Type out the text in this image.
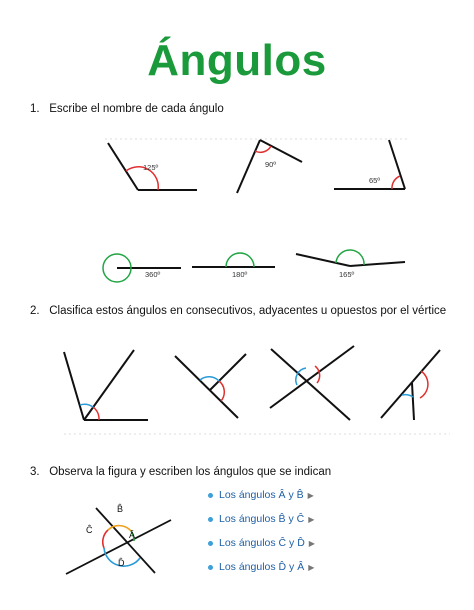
Ángulos
1. Escribe el nombre de cada ángulo
125º	90º
65º
360º	180º	165º
B̂
Ĉ	Â
D̂
2. Clasifica estos ángulos en consecutivos, adyacentes u opuestos por el vértice
3. Observa la figura y escriben los ángulos que se indican
Los ángulos Â y B̂ ▶
Los ángulos B̂ y Ĉ ▶
Los ángulos Ĉ y D̂ ▶
Los ángulos D̂ y Â ▶
